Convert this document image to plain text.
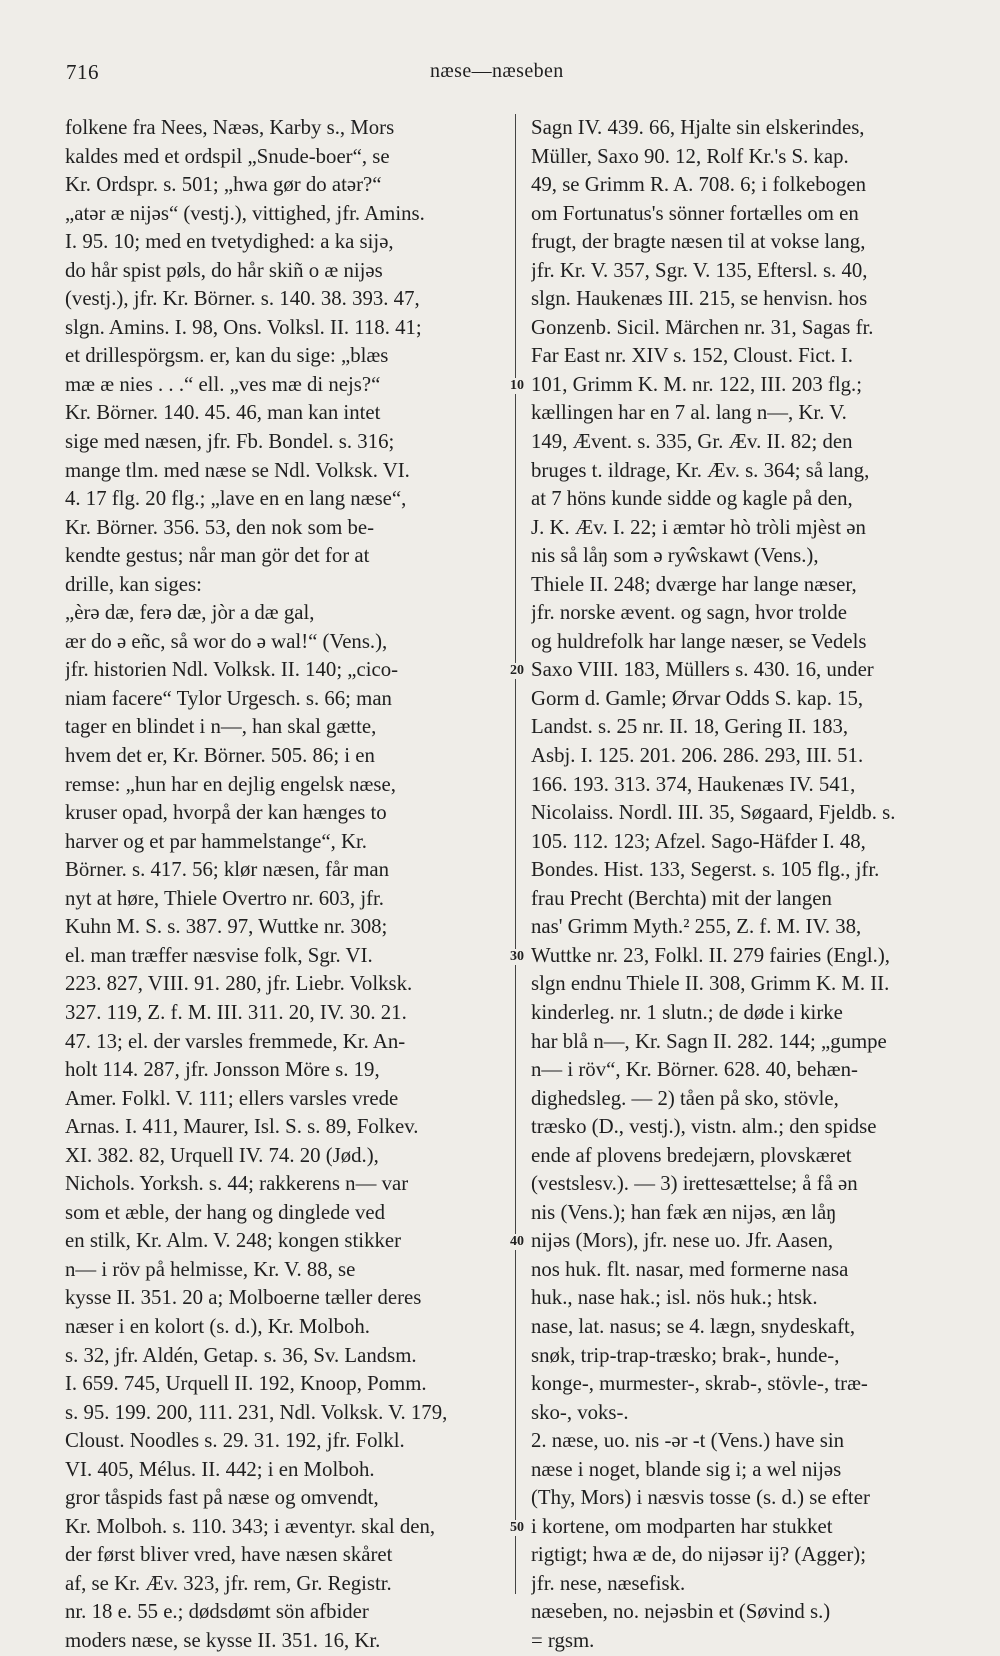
716	næse—næseben
folkene fra Nees, Næəs, Karby s., Mors
kaldes med et ordspil „Snude-boer“, se
Kr. Ordspr. s. 501; „hwa gør do atər?“
„atər æ nijəs“ (vestj.), vittighed, jfr. Amins.
I. 95. 10; med en tvetydighed: a ka sijə,
do hår spist pøls, do hår skiñ o æ nijəs
(vestj.), jfr. Kr. Börner. s. 140. 38. 393. 47,
slgn. Amins. I. 98, Ons. Volksl. II. 118. 41;
et drillespörgsm. er, kan du sige: „blæs
mæ æ nies . . .“ ell. „ves mæ di nejs?“
Kr. Börner. 140. 45. 46, man kan intet
sige med næsen, jfr. Fb. Bondel. s. 316;
mange tlm. med næse se Ndl. Volksk. VI.
4. 17 flg. 20 flg.; „lave en en lang næse“,
Kr. Börner. 356. 53, den nok som be-
kendte gestus; når man gör det for at
drille, kan siges:
„èrə dæ, ferə dæ, jòr a dæ gal,
ær do ə eñc, så wor do ə wal!“ (Vens.),
jfr. historien Ndl. Volksk. II. 140; „cico-
niam facere“ Tylor Urgesch. s. 66; man
tager en blindet i n—, han skal gætte,
hvem det er, Kr. Börner. 505. 86; i en
remse: „hun har en dejlig engelsk næse,
kruser opad, hvorpå der kan hænges to
harver og et par hammelstange“, Kr.
Börner. s. 417. 56; klør næsen, får man
nyt at høre, Thiele Overtro nr. 603, jfr.
Kuhn M. S. s. 387. 97, Wuttke nr. 308;
el. man træffer næsvise folk, Sgr. VI.
223. 827, VIII. 91. 280, jfr. Liebr. Volksk.
327. 119, Z. f. M. III. 311. 20, IV. 30. 21.
47. 13; el. der varsles fremmede, Kr. An-
holt 114. 287, jfr. Jonsson Möre s. 19,
Amer. Folkl. V. 111; ellers varsles vrede
Arnas. I. 411, Maurer, Isl. S. s. 89, Folkev.
XI. 382. 82, Urquell IV. 74. 20 (Jød.),
Nichols. Yorksh. s. 44; rakkerens n— var
som et æble, der hang og dinglede ved
en stilk, Kr. Alm. V. 248; kongen stikker
n— i röv på helmisse, Kr. V. 88, se
kysse II. 351. 20 a; Molboerne tæller deres
næser i en kolort (s. d.), Kr. Molboh.
s. 32, jfr. Aldén, Getap. s. 36, Sv. Landsm.
I. 659. 745, Urquell II. 192, Knoop, Pomm.
s. 95. 199. 200, 111. 231, Ndl. Volksk. V. 179,
Cloust. Noodles s. 29. 31. 192, jfr. Folkl.
VI. 405, Mélus. II. 442; i en Molboh.
gror tåspids fast på næse og omvendt,
Kr. Molboh. s. 110. 343; i æventyr. skal den,
der først bliver vred, have næsen skåret
af, se Kr. Æv. 323, jfr. rem, Gr. Registr.
nr. 18 e. 55 e.; dødsdømt sön afbider
moders næse, se kysse II. 351. 16, Kr.
Sagn IV. 439. 66, Hjalte sin elskerindes,
Müller, Saxo 90. 12, Rolf Kr.'s S. kap.
49, se Grimm R. A. 708. 6; i folkebogen
om Fortunatus's sönner fortælles om en
frugt, der bragte næsen til at vokse lang,
jfr. Kr. V. 357, Sgr. V. 135, Eftersl. s. 40,
slgn. Haukenæs III. 215, se henvisn. hos
Gonzenb. Sicil. Märchen nr. 31, Sagas fr.
Far East nr. XIV s. 152, Cloust. Fict. I.
101, Grimm K. M. nr. 122, III. 203 flg.;
kællingen har en 7 al. lang n—, Kr. V.
149, Ævent. s. 335, Gr. Æv. II. 82; den
bruges t. ildrage, Kr. Æv. s. 364; så lang,
at 7 höns kunde sidde og kagle på den,
J. K. Æv. I. 22; i æmtər hò tròli mjèst ən
nis så låŋ som ə ryŵskawt (Vens.),
Thiele II. 248; dværge har lange næser,
jfr. norske ævent. og sagn, hvor trolde
og huldrefolk har lange næser, se Vedels
Saxo VIII. 183, Müllers s. 430. 16, under
Gorm d. Gamle; Ørvar Odds S. kap. 15,
Landst. s. 25 nr. II. 18, Gering II. 183,
Asbj. I. 125. 201. 206. 286. 293, III. 51.
166. 193. 313. 374, Haukenæs IV. 541,
Nicolaiss. Nordl. III. 35, Søgaard, Fjeldb. s.
105. 112. 123; Afzel. Sago-Häfder I. 48,
Bondes. Hist. 133, Segerst. s. 105 flg., jfr.
frau Precht (Berchta) mit der langen
nas' Grimm Myth.² 255, Z. f. M. IV. 38,
Wuttke nr. 23, Folkl. II. 279 fairies (Engl.),
slgn endnu Thiele II. 308, Grimm K. M. II.
kinderleg. nr. 1 slutn.; de døde i kirke
har blå n—, Kr. Sagn II. 282. 144; „gumpe
n— i röv“, Kr. Börner. 628. 40, behæn-
dighedsleg. — 2) tåen på sko, stövle,
træsko (D., vestj.), vistn. alm.; den spidse
ende af plovens bredejærn, plovskæret
(vestslesv.). — 3) irettesættelse; å få ən
nis (Vens.); han fæk æn nijəs, æn låŋ
nijəs (Mors), jfr. nese uo. Jfr. Aasen,
nos huk. flt. nasar, med formerne nasa
huk., nase hak.; isl. nös huk.; htsk.
nase, lat. nasus; se 4. lægn, snydeskaft,
snøk, trip-trap-træsko; brak-, hunde-,
konge-, murmester-, skrab-, stövle-, træ-
sko-, voks-.
2. næse, uo. nis -ər -t (Vens.) have sin
næse i noget, blande sig i; a wel nijəs
(Thy, Mors) i næsvis tosse (s. d.) se efter
i kortene, om modparten har stukket
rigtigt; hwa æ de, do nijəsər ij? (Agger);
jfr. nese, næsefisk.
næseben, no. nejəsbin et (Søvind s.)
= rgsm.
10
20
30
40
50
